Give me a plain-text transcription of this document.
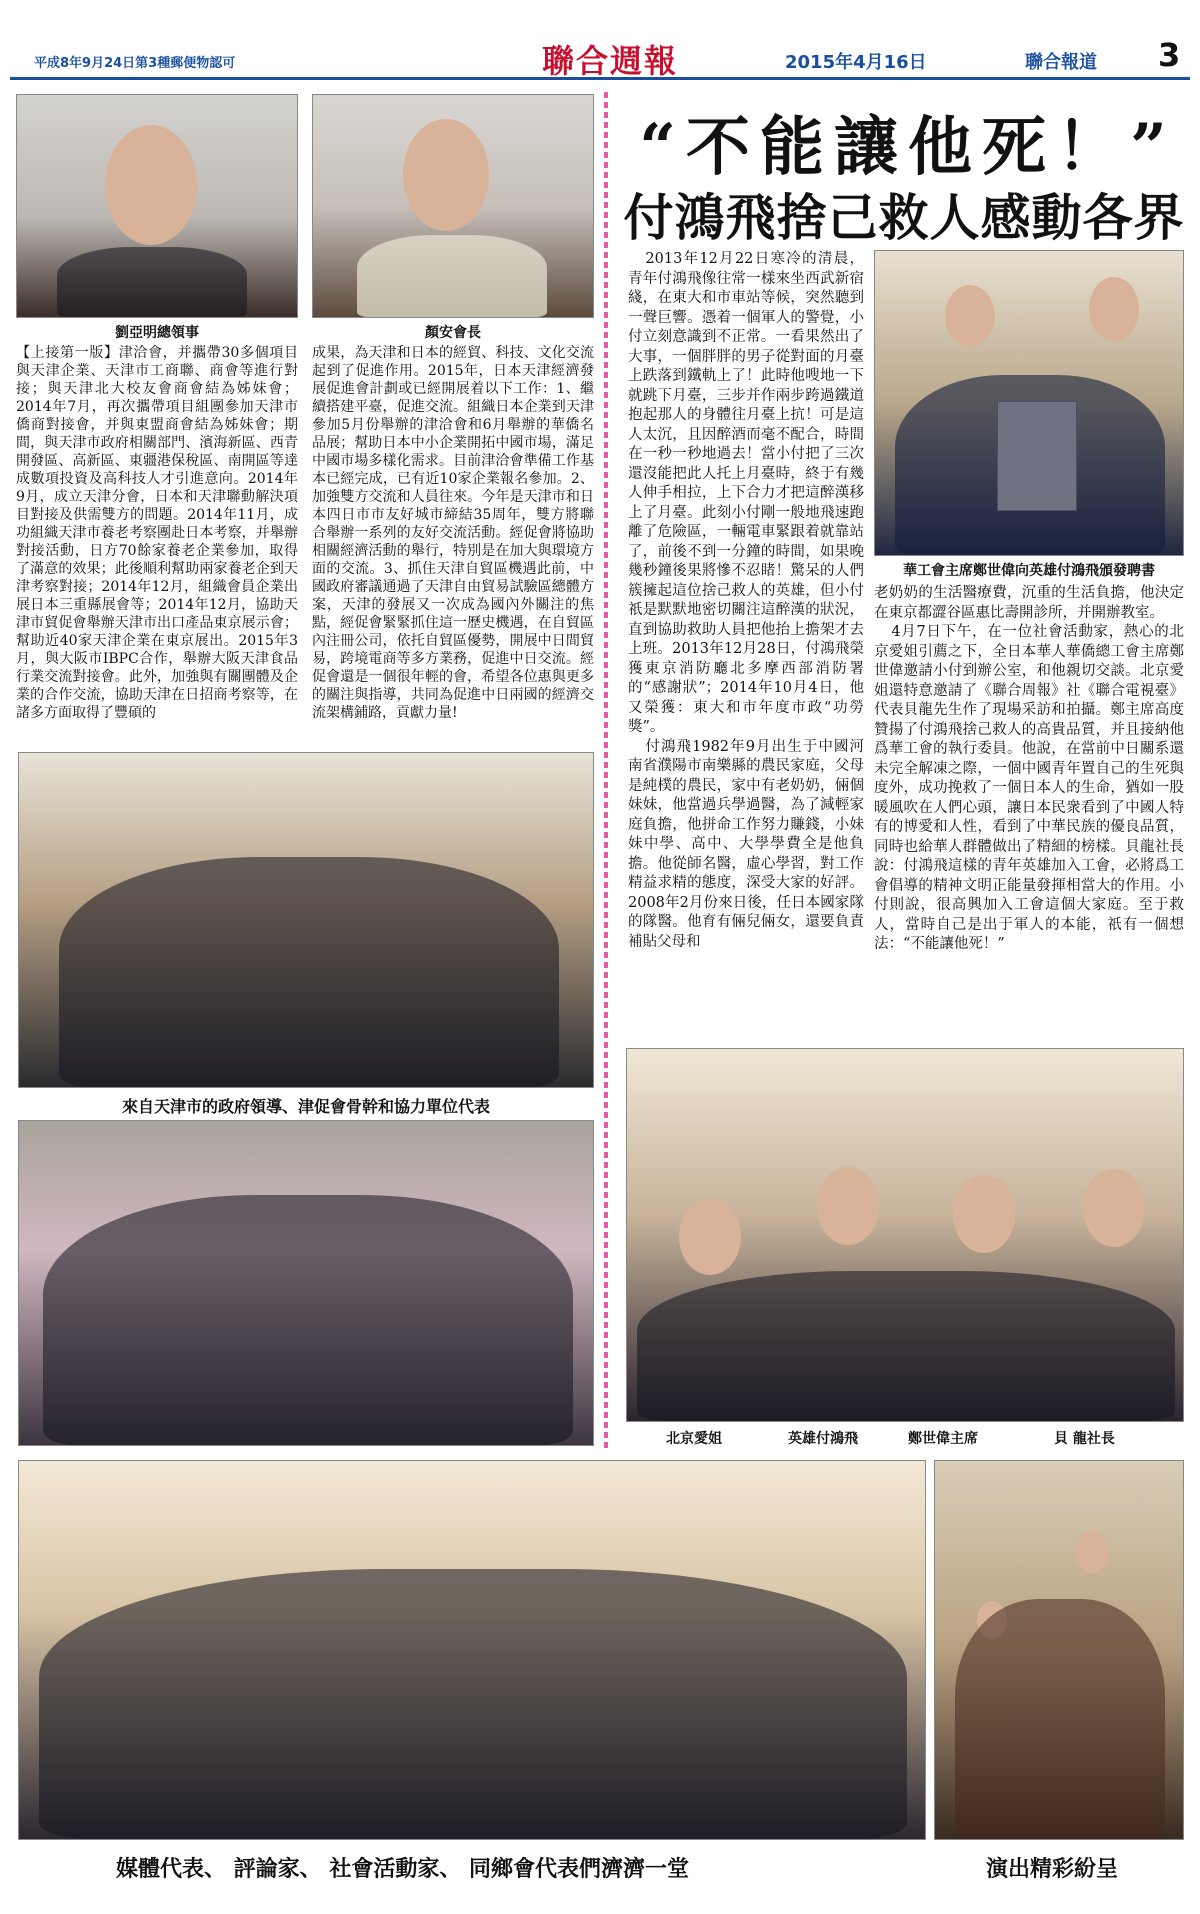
平成8年9月24日第3種郵便物認可	聯合週報	2015年4月16日	聯合報道 3
劉亞明總領事	顏安會長

【上接第一版】津洽會，并攜帶30多個項目與天津企業、天津市工商聯、商會等進行對接；與天津北大校友會商會結為姊妹會；2014年7月，再次攜帶項目組團參加天津市僑商對接會，并與東盟商會結為姊妹會；期間，與天津市政府相關部門、濱海新區、西青開發區、高新區、東疆港保稅區、南開區等達成數項投資及高科技人才引進意向。2014年9月，成立天津分會，日本和天津聯動解決項目對接及供需雙方的問題。2014年11月，成功組織天津市養老考察團赴日本考察，并舉辦對接活動，日方70餘家養老企業參加，取得了滿意的效果；此後順利幫助兩家養老企到天津考察對接；2014年12月，組織會員企業出展日本三重縣展會等；2014年12月，協助天津市貿促會舉辦天津市出口產品東京展示會；幫助近40家天津企業在東京展出。2015年3月，與大阪市IBPC合作，舉辦大阪天津食品行業交流對接會。此外，加強與有關團體及企業的合作交流，協助天津在日招商考察等，在諸多方面取得了豐碩的

成果，為天津和日本的經貿、科技、文化交流起到了促進作用。2015年，日本天津經濟發展促進會計劃或已經開展着以下工作：1、繼續搭建平臺，促進交流。組織日本企業到天津參加5月份舉辦的津洽會和6月舉辦的華僑名品展；幫助日本中小企業開拓中國市場，滿足中國市場多樣化需求。目前津洽會準備工作基本已經完成，已有近10家企業報名參加。2、加強雙方交流和人員往來。今年是天津市和日本四日市市友好城市締結35周年，雙方將聯合舉辦一系列的友好交流活動。經促會將協助相關經濟活動的舉行，特別是在加大與環境方面的交流。3、抓住天津自貿區機遇此前，中國政府審議通過了天津自由貿易試驗區總體方案，天津的發展又一次成為國內外關注的焦點，經促會緊緊抓住這一歷史機遇，在自貿區內注冊公司，依托自貿區優勢，開展中日間貿易，跨境電商等多方業務，促進中日交流。經促會還是一個很年輕的會，希望各位惠與更多的關注與指導，共同為促進中日兩國的經濟交流架構鋪路，貢獻力量!

來自天津市的政府領導、津促會骨幹和協力單位代表
“不能讓他死！”
付鴻飛捨己救人感動各界

2013年12月22日寒冷的清晨，青年付鴻飛像往常一樣來坐西武新宿綫，在東大和市車站等候，突然聽到一聲巨響。憑着一個軍人的警覺，小付立刻意識到不正常。一看果然出了大事，一個胖胖的男子從對面的月臺上跌落到鐵軌上了！此時他嗖地一下就跳下月臺，三步并作兩步跨過鐵道抱起那人的身體往月臺上抗！可是這人太沉，且因醉酒而毫不配合，時間在一秒一秒地過去！當小付把了三次還沒能把此人托上月臺時，終于有幾人伸手相拉，上下合力才把這醉漢移上了月臺。此刻小付剛一般地飛速跑離了危險區，一輛電車緊跟着就靠站了，前後不到一分鐘的時間，如果晚幾秒鐘後果將慘不忍睹！驚呆的人們簇擁起這位捨己救人的英雄，但小付祇是默默地密切關注這醉漢的狀況，直到協助救助人員把他抬上擔架才去上班。2013年12月28日，付鴻飛榮獲東京消防廳北多摩西部消防署的“感謝狀”；2014年10月4日，他又榮獲：東大和市年度市政“功勞獎”。

付鴻飛1982年9月出生于中國河南省濮陽市南樂縣的農民家庭，父母是純樸的農民，家中有老奶奶，倆個妹妹，他當過兵學過醫，為了減輕家庭負擔，他拼命工作努力賺錢，小妹妹中學、高中、大學學費全是他負擔。他從師名醫，虛心學習，對工作精益求精的態度，深受大家的好評。2008年2月份來日後，任日本國家隊的隊醫。他育有倆兒倆女，還要負責補貼父母和

華工會主席鄭世偉向英雄付鴻飛頒發聘書

老奶奶的生活醫療費，沉重的生活負擔，他決定在東京都澀谷區惠比壽開診所，并開辦教室。

4月7日下午，在一位社會活動家，熱心的北京愛姐引薦之下，全日本華人華僑總工會主席鄭世偉邀請小付到辦公室，和他親切交談。北京愛姐還特意邀請了《聯合周報》社《聯合電視臺》代表貝龍先生作了現場采訪和拍攝。鄭主席高度贊揚了付鴻飛捨己救人的高貴品質，并且接納他爲華工會的執行委員。他說，在當前中日關系還未完全解凍之際，一個中國青年置自己的生死與度外，成功挽救了一個日本人的生命，猶如一股暖風吹在人們心頭，讓日本民衆看到了中國人特有的博愛和人性，看到了中華民族的優良品質，同時也給華人群體做出了精細的榜樣。貝龍社長說：付鴻飛這樣的青年英雄加入工會，必將爲工會倡導的精神文明正能量發揮相當大的作用。小付則說，很高興加入工會這個大家庭。至于救人，當時自己是出于軍人的本能，祇有一個想法：“不能讓他死！”

北京愛姐	英雄付鴻飛	鄭世偉主席	貝 龍社長
媒體代表、 評論家、 社會活動家、 同鄉會代表們濟濟一堂	演出精彩紛呈
